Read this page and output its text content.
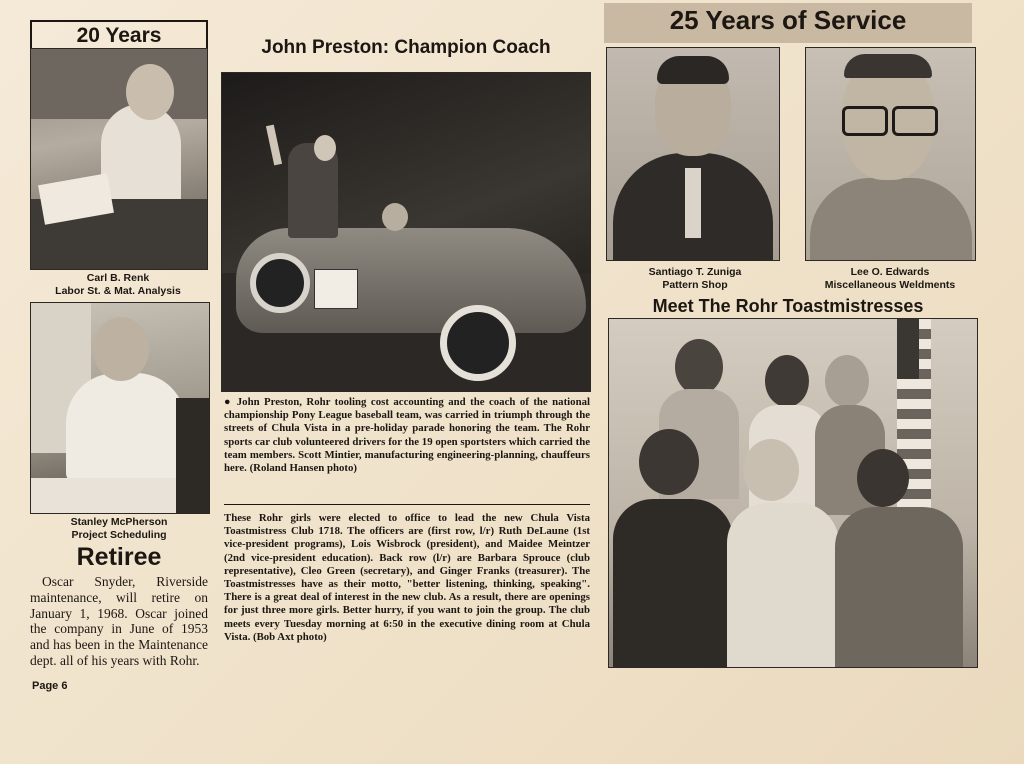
20 Years
Carl B. Renk
Labor St. & Mat. Analysis
Stanley McPherson
Project Scheduling
Retiree
Oscar Snyder, Riverside maintenance, will retire on January 1, 1968. Oscar joined the company in June of 1953 and has been in the Maintenance dept. all of his years with Rohr.
Page 6
John Preston: Champion Coach
● John Preston, Rohr tooling cost accounting and the coach of the national championship Pony League baseball team, was carried in triumph through the streets of Chula Vista in a pre-holiday parade honoring the team. The Rohr sports car club volunteered drivers for the 19 open sportsters which carried the team members. Scott Mintier, manufacturing engineering-planning, chauffeurs here. (Roland Hansen photo)
These Rohr girls were elected to office to lead the new Chula Vista Toastmistress Club 1718. The officers are (first row, l/r) Ruth DeLaune (1st vice-president programs), Lois Wisbrock (president), and Maidee Meintzer (2nd vice-president education). Back row (l/r) are Barbara Sprouce (club representative), Cleo Green (secretary), and Ginger Franks (treasurer). The Toastmistresses have as their motto, "better listening, thinking, speaking". There is a great deal of interest in the new club. As a result, there are openings for just three more girls. Better hurry, if you want to join the group. The club meets every Tuesday morning at 6:50 in the executive dining room at Chula Vista. (Bob Axt photo)
25 Years of Service
Santiago T. Zuniga
Pattern Shop
Lee O. Edwards
Miscellaneous Weldments
Meet The Rohr Toastmistresses
